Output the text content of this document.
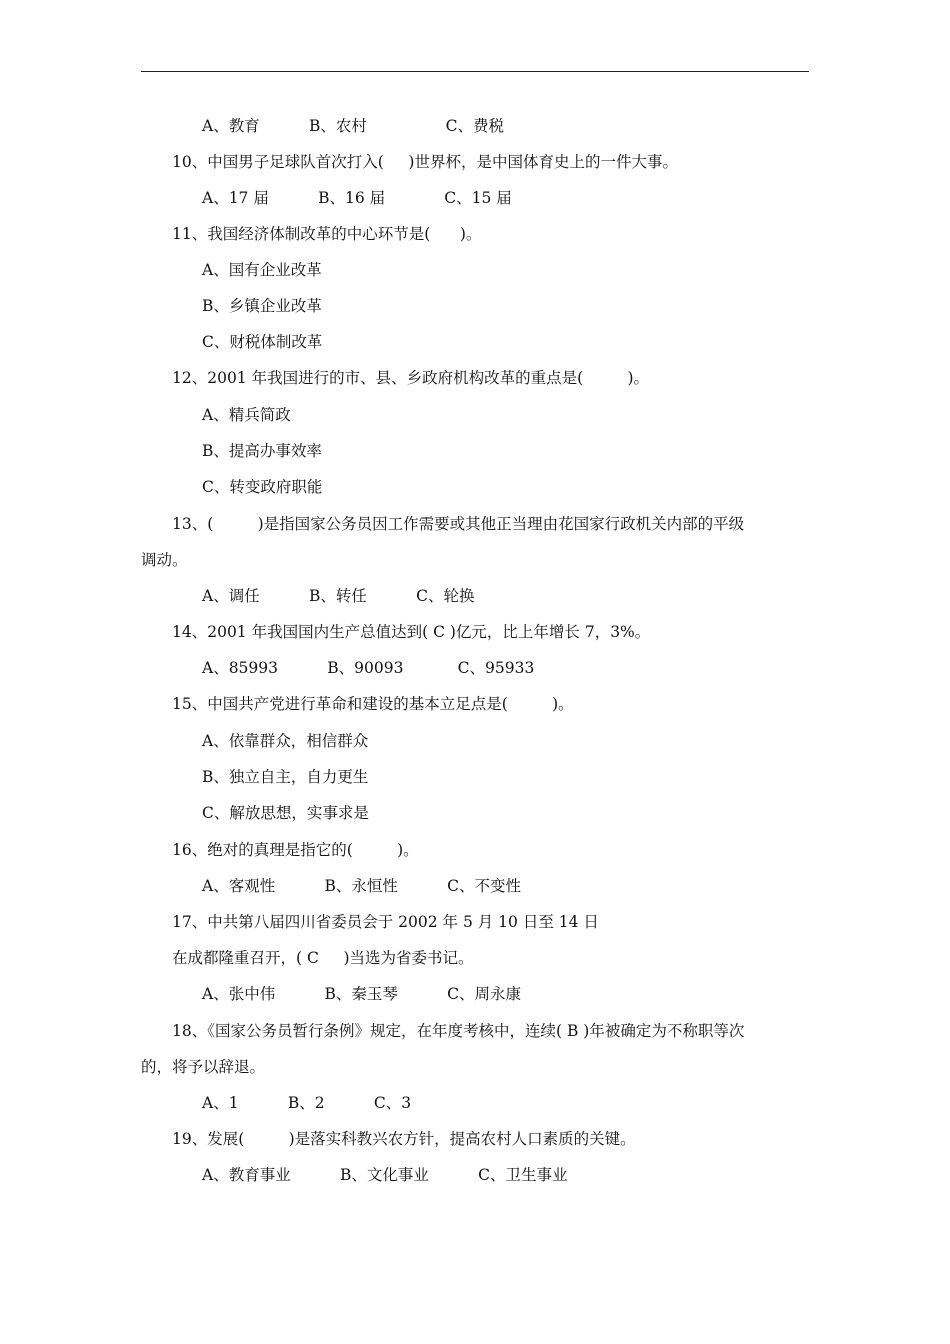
A、教育          B、农村                C、费税
10、中国男子足球队首次打入(     )世界杯，是中国体育史上的一件大事。
A、17 届          B、16 届            C、15 届
11、我国经济体制改革的中心环节是(      )。
A、国有企业改革
B、乡镇企业改革
C、财税体制改革
12、2001 年我国进行的市、县、乡政府机构改革的重点是(         )。
A、精兵简政
B、提高办事效率
C、转变政府职能
13、(         )是指国家公务员因工作需要或其他正当理由花国家行政机关内部的平级
调动。
A、调任          B、转任          C、轮换
14、2001 年我国国内生产总值达到( C )亿元，比上年增长 7，3%。
A、85993          B、90093           C、95933
15、中国共产党进行革命和建设的基本立足点是(         )。
A、依靠群众，相信群众
B、独立自主，自力更生
C、解放思想，实事求是
16、绝对的真理是指它的(         )。
A、客观性          B、永恒性          C、不变性
17、中共第八届四川省委员会于 2002 年 5 月 10 日至 14 日
在成都隆重召开，( C     )当选为省委书记。
A、张中伟          B、秦玉琴          C、周永康
18、《国家公务员暂行条例》规定，在年度考核中，连续( B )年被确定为不称职等次
的，将予以辞退。
A、1          B、2          C、3
19、发展(         )是落实科教兴农方针，提高农村人口素质的关键。
A、教育事业          B、文化事业          C、卫生事业
